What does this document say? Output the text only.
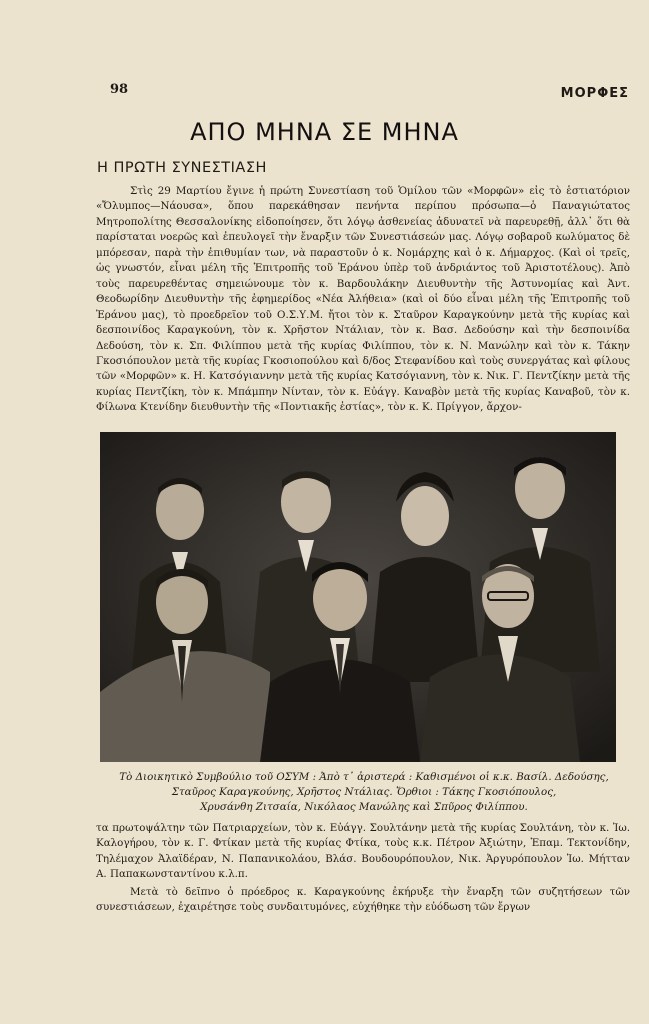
98	ΜΟΡΦΕΣ
ΑΠΟ ΜΗΝΑ ΣΕ ΜΗΝΑ
Η ΠΡΩΤΗ ΣΥΝΕΣΤΙΑΣΗ

Στὶς 29 Μαρτίου ἔγινε ἡ πρώτη Συνεστίαση τοῦ Ὁμίλου τῶν «Μορφῶν» εἰς τὸ ἑστιατόριον «Ὄλυμπος—Νάουσα», ὅπου παρεκάθησαν πενήντα περίπου πρόσωπα—ὁ Παναγιώτατος Μητροπολίτης Θεσσαλονίκης εἰδοποίησεν, ὅτι λόγῳ ἀσθενείας ἀδυνατεῖ νὰ παρευρεθῇ, ἀλλ᾿ ὅτι θὰ παρίσταται νοερῶς καὶ ἐπευλογεῖ τὴν ἔναρξιν τῶν Συνεστιάσεών μας. Λόγῳ σοβαροῦ κωλύματος δὲ μπόρεσαν, παρὰ τὴν ἐπιθυμίαν των, νὰ παραστοῦν ὁ κ. Νομάρχης καὶ ὁ κ. Δήμαρχος. (Καὶ οἱ τρεῖς, ὡς γνωστόν, εἶναι μέλη τῆς Ἐπιτροπῆς τοῦ Ἐράνου ὑπὲρ τοῦ ἀνδριάντος τοῦ Ἀριστοτέλους). Ἀπὸ τοὺς παρευρεθέντας σημειώνουμε τὸν κ. Βαρδουλάκην Διευθυντὴν τῆς Ἀστυνομίας καὶ Ἀντ. Θεοδωρίδην Διευθυντὴν τῆς ἐφημερίδος «Νέα Ἀλήθεια» (καὶ οἱ δύο εἶναι μέλη τῆς Ἐπιτροπῆς τοῦ Ἐράνου μας), τὸ προεδρεῖον τοῦ Ο.Σ.Υ.Μ. ἤτοι τὸν κ. Σταῦρον Καραγκούνην μετὰ τῆς κυρίας καὶ δεσποινίδος Καραγκούνη, τὸν κ. Χρῆστον Ντάλιαν, τὸν κ. Βασ. Δεδούσην καὶ τὴν δεσποινίδα Δεδούση, τὸν κ. Σπ. Φιλίππου μετὰ τῆς κυρίας Φιλίππου, τὸν κ. Ν. Μανώλην καὶ τὸν κ. Τάκην Γκοσιόπουλον μετὰ τῆς κυρίας Γκοσιοπούλου καὶ δ/δος Στεφανίδου καὶ τοὺς συνεργάτας καὶ φίλους τῶν «Μορφῶν» κ. Η. Κατσόγιαννην μετὰ τῆς κυρίας Κατσόγιαννη, τὸν κ. Νικ. Γ. Πεντζίκην μετὰ τῆς κυρίας Πεντζίκη, τὸν κ. Μπάμπην Νίνταν, τὸν κ. Εὐάγγ. Καναβὸν μετὰ τῆς κυρίας Καναβοῦ, τὸν κ. Φίλωνα Κτενίδην διευθυντὴν τῆς «Ποντιακῆς ἑστίας», τὸν κ. Κ. Πρίγγον, ἄρχον-

Τὸ Διοικητικὸ Συμβούλιο τοῦ ΟΣΥΜ : Ἀπὸ τ᾿ ἀριστερά : Καθισμένοι οἱ κ.κ. Βασίλ. Δεδούσης, Σταῦρος Καραγκούνης, Χρῆστος Ντάλιας. Ὄρθιοι : Τάκης Γκοσιόπουλος,
Χρυσάνθη Ζιτσαία, Νικόλαος Μανώλης καὶ Σπῦρος Φιλίππου.

τα πρωτοψάλτην τῶν Πατριαρχείων, τὸν κ. Εὐάγγ. Σουλτάνην μετὰ τῆς κυρίας Σουλτάνη, τὸν κ. Ἰω. Καλογήρου, τὸν κ. Γ. Φτίκαν μετὰ τῆς κυρίας Φτίκα, τοὺς κ.κ. Πέτρον Ἀξιώτην, Ἐπαμ. Τεκτονίδην, Τηλέμαχον Ἀλαϊδέραν, Ν. Παπανικολάου, Βλάσ. Βουδουρόπουλον, Νικ. Ἀργυρόπουλον Ἰω. Μήτταν Α. Παπακωνσταντίνου κ.λ.π.

Μετὰ τὸ δεῖπνο ὁ πρόεδρος κ. Καραγκούνης ἐκήρυξε τὴν ἔναρξη τῶν συζητήσεων τῶν συνεστιάσεων, ἐχαιρέτησε τοὺς συνδαιτυμόνες, εὐχήθηκε τὴν εὐόδωση τῶν ἔργων
